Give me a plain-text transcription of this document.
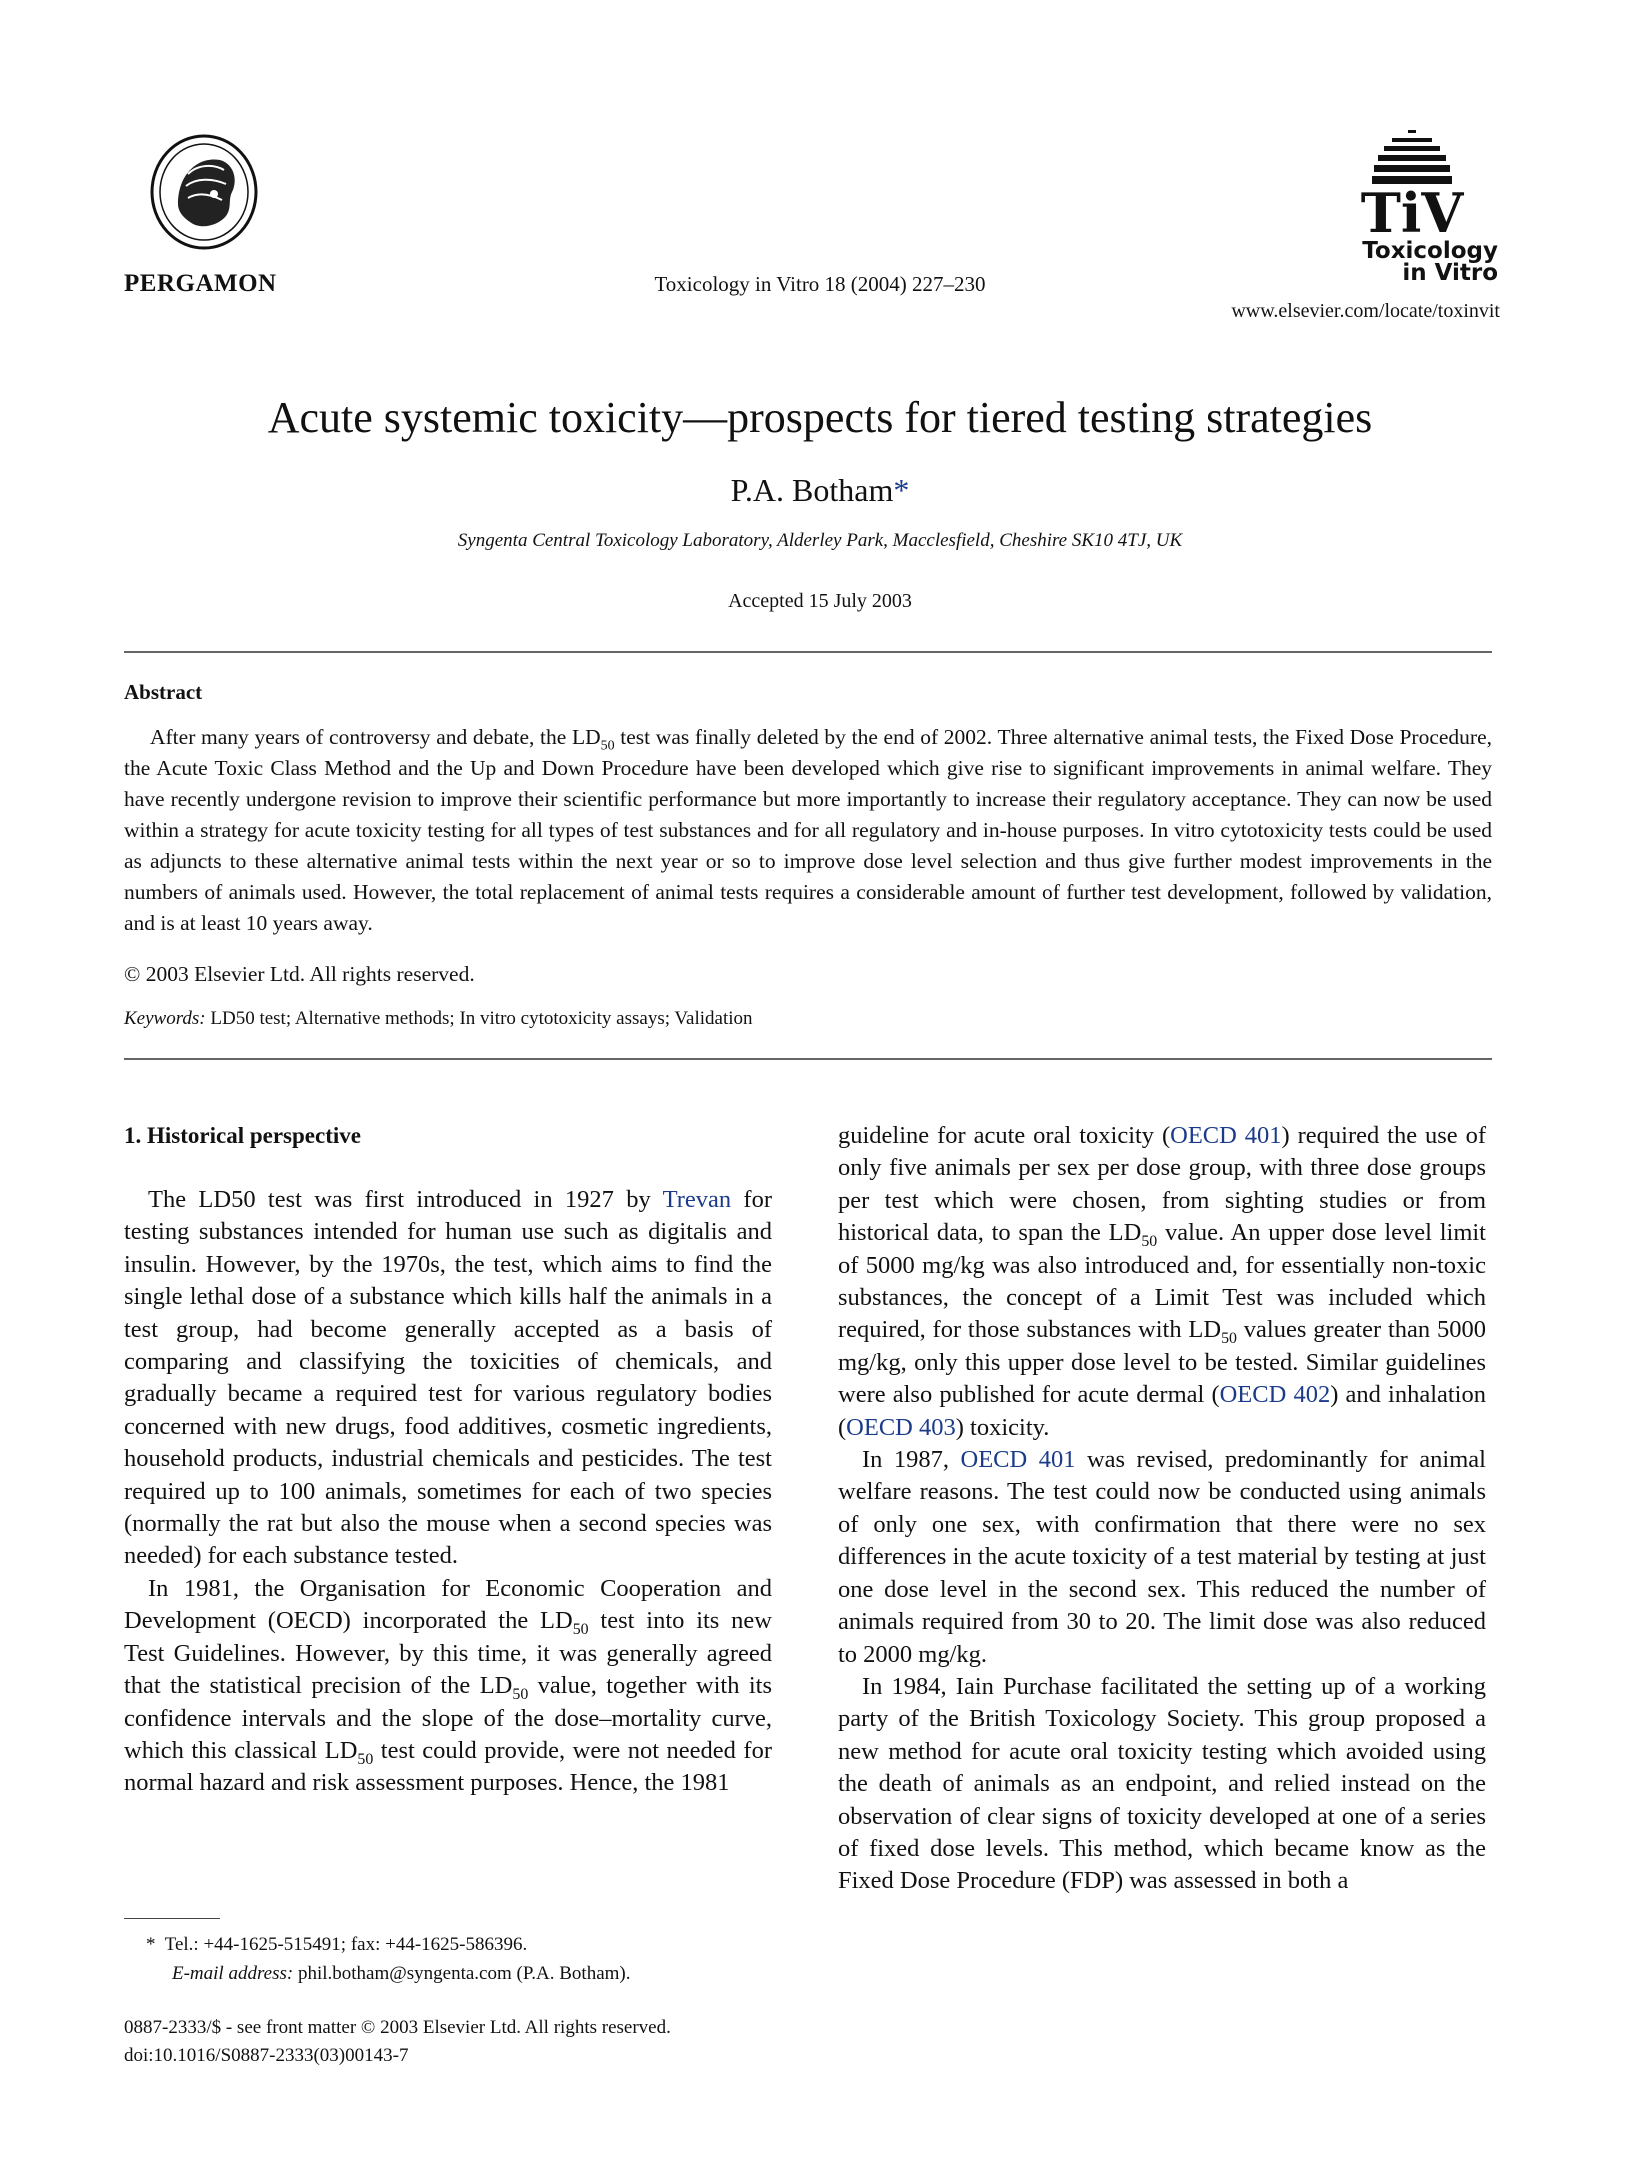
PERGAMON	Toxicology in Vitro 18 (2004) 227–230
TiV
Toxicology
in Vitro
www.elsevier.com/locate/toxinvit
Acute systemic toxicity—prospects for tiered testing strategies
P.A. Botham*
Syngenta Central Toxicology Laboratory, Alderley Park, Macclesfield, Cheshire SK10 4TJ, UK
Accepted 15 July 2003
Abstract

After many years of controversy and debate, the $LD_{50}$ test was finally deleted by the end of 2002. Three alternative animal tests, the Fixed Dose Procedure, the Acute Toxic Class Method and the Up and Down Procedure have been developed which give rise to significant improvements in animal welfare. They have recently undergone revision to improve their scientific performance but more importantly to increase their regulatory acceptance. They can now be used within a strategy for acute toxicity testing for all types of test substances and for all regulatory and in-house purposes. In vitro cytotoxicity tests could be used as adjuncts to these alternative animal tests within the next year or so to improve dose level selection and thus give further modest improvements in the numbers of animals used. However, the total replacement of animal tests requires a considerable amount of further test development, followed by validation, and is at least 10 years away.

© 2003 Elsevier Ltd. All rights reserved.
Keywords: LD50 test; Alternative methods; In vitro cytotoxicity assays; Validation
1. Historical perspective

The LD50 test was first introduced in 1927 by Trevan for testing substances intended for human use such as digitalis and insulin. However, by the 1970s, the test, which aims to find the single lethal dose of a substance which kills half the animals in a test group, had become generally accepted as a basis of comparing and classifying the toxicities of chemicals, and gradually became a required test for various regulatory bodies concerned with new drugs, food additives, cosmetic ingredients, household products, industrial chemicals and pesticides. The test required up to 100 animals, sometimes for each of two species (normally the rat but also the mouse when a second species was needed) for each substance tested.

In 1981, the Organisation for Economic Cooperation and Development (OECD) incorporated the $LD_{50}$ test into its new Test Guidelines. However, by this time, it was generally agreed that the statistical precision of the $LD_{50}$ value, together with its confidence intervals and the slope of the dose–mortality curve, which this classical $LD_{50}$ test could provide, were not needed for normal hazard and risk assessment purposes. Hence, the 1981

guideline for acute oral toxicity (OECD 401) required the use of only five animals per sex per dose group, with three dose groups per test which were chosen, from sighting studies or from historical data, to span the $LD_{50}$ value. An upper dose level limit of 5000 mg/kg was also introduced and, for essentially non-toxic substances, the concept of a Limit Test was included which required, for those substances with $LD_{50}$ values greater than 5000 mg/kg, only this upper dose level to be tested. Similar guidelines were also published for acute dermal (OECD 402) and inhalation (OECD 403) toxicity.

In 1987, OECD 401 was revised, predominantly for animal welfare reasons. The test could now be conducted using animals of only one sex, with confirmation that there were no sex differences in the acute toxicity of a test material by testing at just one dose level in the second sex. This reduced the number of animals required from 30 to 20. The limit dose was also reduced to 2000 mg/kg.

In 1984, Iain Purchase facilitated the setting up of a working party of the British Toxicology Society. This group proposed a new method for acute oral toxicity testing which avoided using the death of animals as an endpoint, and relied instead on the observation of clear signs of toxicity developed at one of a series of fixed dose levels. This method, which became know as the Fixed Dose Procedure (FDP) was assessed in both a

* Tel.: +44-1625-515491; fax: +44-1625-586396.
E-mail address: phil.botham@syngenta.com (P.A. Botham).
0887-2333/$ - see front matter © 2003 Elsevier Ltd. All rights reserved.
doi:10.1016/S0887-2333(03)00143-7
